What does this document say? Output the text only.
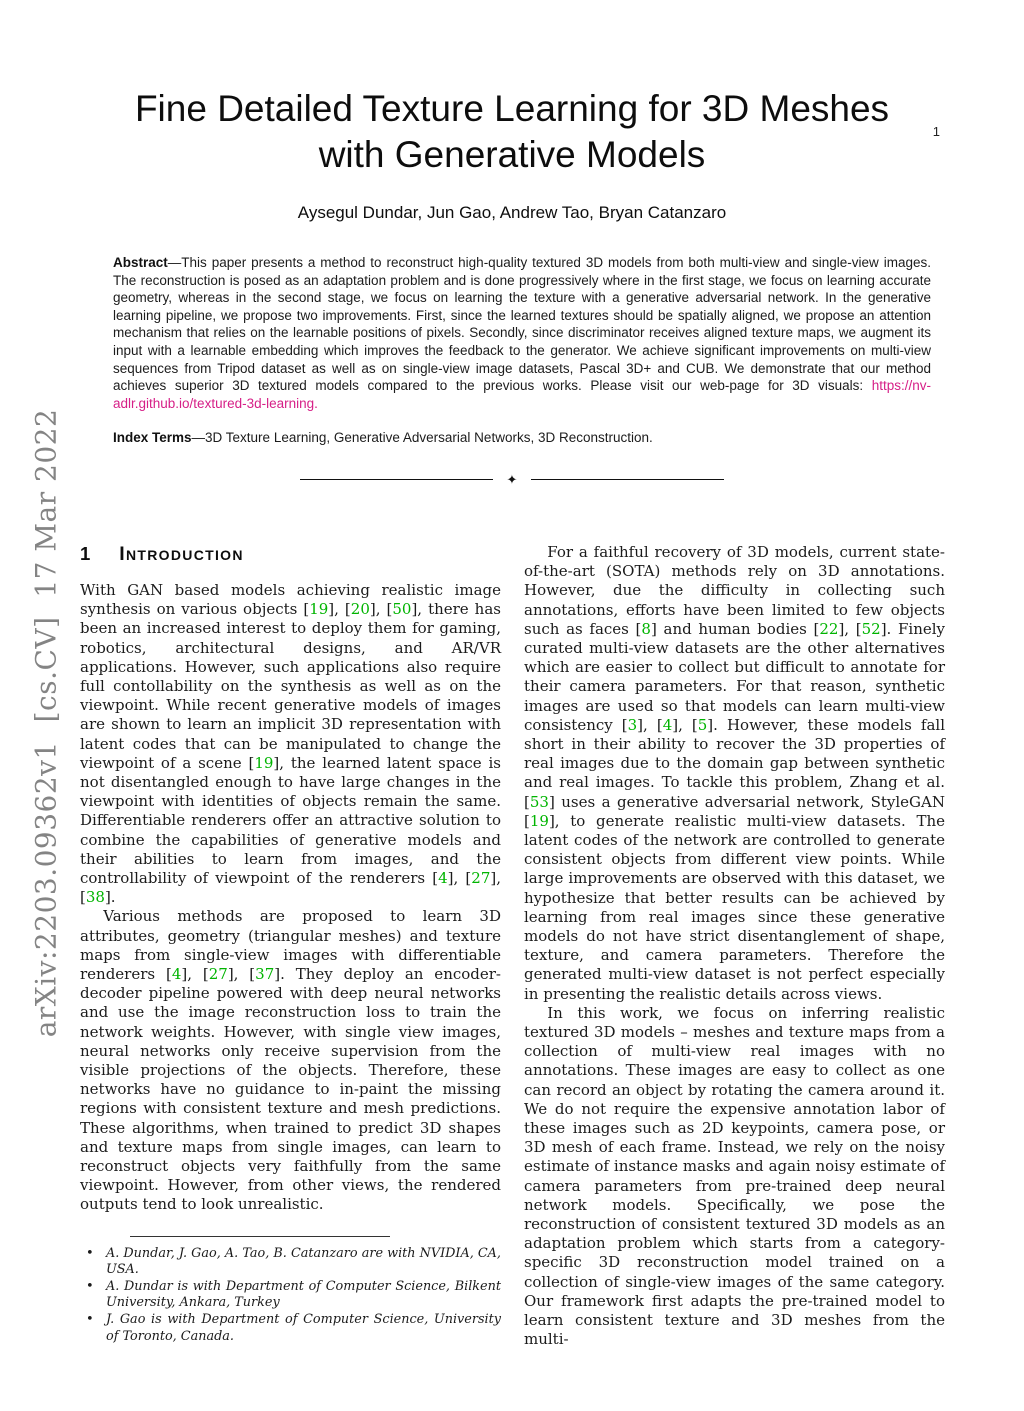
1
arXiv:2203.09362v1  [cs.CV]  17 Mar 2022
Fine Detailed Texture Learning for 3D Meshes
with Generative Models
Aysegul Dundar, Jun Gao, Andrew Tao, Bryan Catanzaro
Abstract—This paper presents a method to reconstruct high-quality textured 3D models from both multi-view and single-view images. The reconstruction is posed as an adaptation problem and is done progressively where in the first stage, we focus on learning accurate geometry, whereas in the second stage, we focus on learning the texture with a generative adversarial network. In the generative learning pipeline, we propose two improvements. First, since the learned textures should be spatially aligned, we propose an attention mechanism that relies on the learnable positions of pixels. Secondly, since discriminator receives aligned texture maps, we augment its input with a learnable embedding which improves the feedback to the generator. We achieve significant improvements on multi-view sequences from Tripod dataset as well as on single-view image datasets, Pascal 3D+ and CUB. We demonstrate that our method achieves superior 3D textured models compared to the previous works. Please visit our web-page for 3D visuals: https://nv-adlr.github.io/textured-3d-learning.
Index Terms—3D Texture Learning, Generative Adversarial Networks, 3D Reconstruction.
✦
1 Introduction

With GAN based models achieving realistic image synthesis on various objects [19], [20], [50], there has been an increased interest to deploy them for gaming, robotics, architectural designs, and AR/VR applications. However, such applications also require full contollability on the synthesis as well as on the viewpoint. While recent generative models of images are shown to learn an implicit 3D representation with latent codes that can be manipulated to change the viewpoint of a scene [19], the learned latent space is not disentangled enough to have large changes in the viewpoint with identities of objects remain the same. Differentiable renderers offer an attractive solution to combine the capabilities of generative models and their abilities to learn from images, and the controllability of viewpoint of the renderers [4], [27], [38].

Various methods are proposed to learn 3D attributes, geometry (triangular meshes) and texture maps from single-view images with differentiable renderers [4], [27], [37]. They deploy an encoder-decoder pipeline powered with deep neural networks and use the image reconstruction loss to train the network weights. However, with single view images, neural networks only receive supervision from the visible projections of the objects. Therefore, these networks have no guidance to in-paint the missing regions with consistent texture and mesh predictions. These algorithms, when trained to predict 3D shapes and texture maps from single images, can learn to reconstruct objects very faithfully from the same viewpoint. However, from other views, the rendered outputs tend to look unrealistic.

• A. Dundar, J. Gao, A. Tao, B. Catanzaro are with NVIDIA, CA, USA.
• A. Dundar is with Department of Computer Science, Bilkent University, Ankara, Turkey
• J. Gao is with Department of Computer Science, University of Toronto, Canada.

For a faithful recovery of 3D models, current state-of-the-art (SOTA) methods rely on 3D annotations. However, due the difficulty in collecting such annotations, efforts have been limited to few objects such as faces [8] and human bodies [22], [52]. Finely curated multi-view datasets are the other alternatives which are easier to collect but difficult to annotate for their camera parameters. For that reason, synthetic images are used so that models can learn multi-view consistency [3], [4], [5]. However, these models fall short in their ability to recover the 3D properties of real images due to the domain gap between synthetic and real images. To tackle this problem, Zhang et al. [53] uses a generative adversarial network, StyleGAN [19], to generate realistic multi-view datasets. The latent codes of the network are controlled to generate consistent objects from different view points. While large improvements are observed with this dataset, we hypothesize that better results can be achieved by learning from real images since these generative models do not have strict disentanglement of shape, texture, and camera parameters. Therefore the generated multi-view dataset is not perfect especially in presenting the realistic details across views.

In this work, we focus on inferring realistic textured 3D models – meshes and texture maps from a collection of multi-view real images with no annotations. These images are easy to collect as one can record an object by rotating the camera around it. We do not require the expensive annotation labor of these images such as 2D keypoints, camera pose, or 3D mesh of each frame. Instead, we rely on the noisy estimate of instance masks and again noisy estimate of camera parameters from pre-trained deep neural network models. Specifically, we pose the reconstruction of consistent textured 3D models as an adaptation problem which starts from a category-specific 3D reconstruction model trained on a collection of single-view images of the same category. Our framework first adapts the pre-trained model to learn consistent texture and 3D meshes from the multi-
